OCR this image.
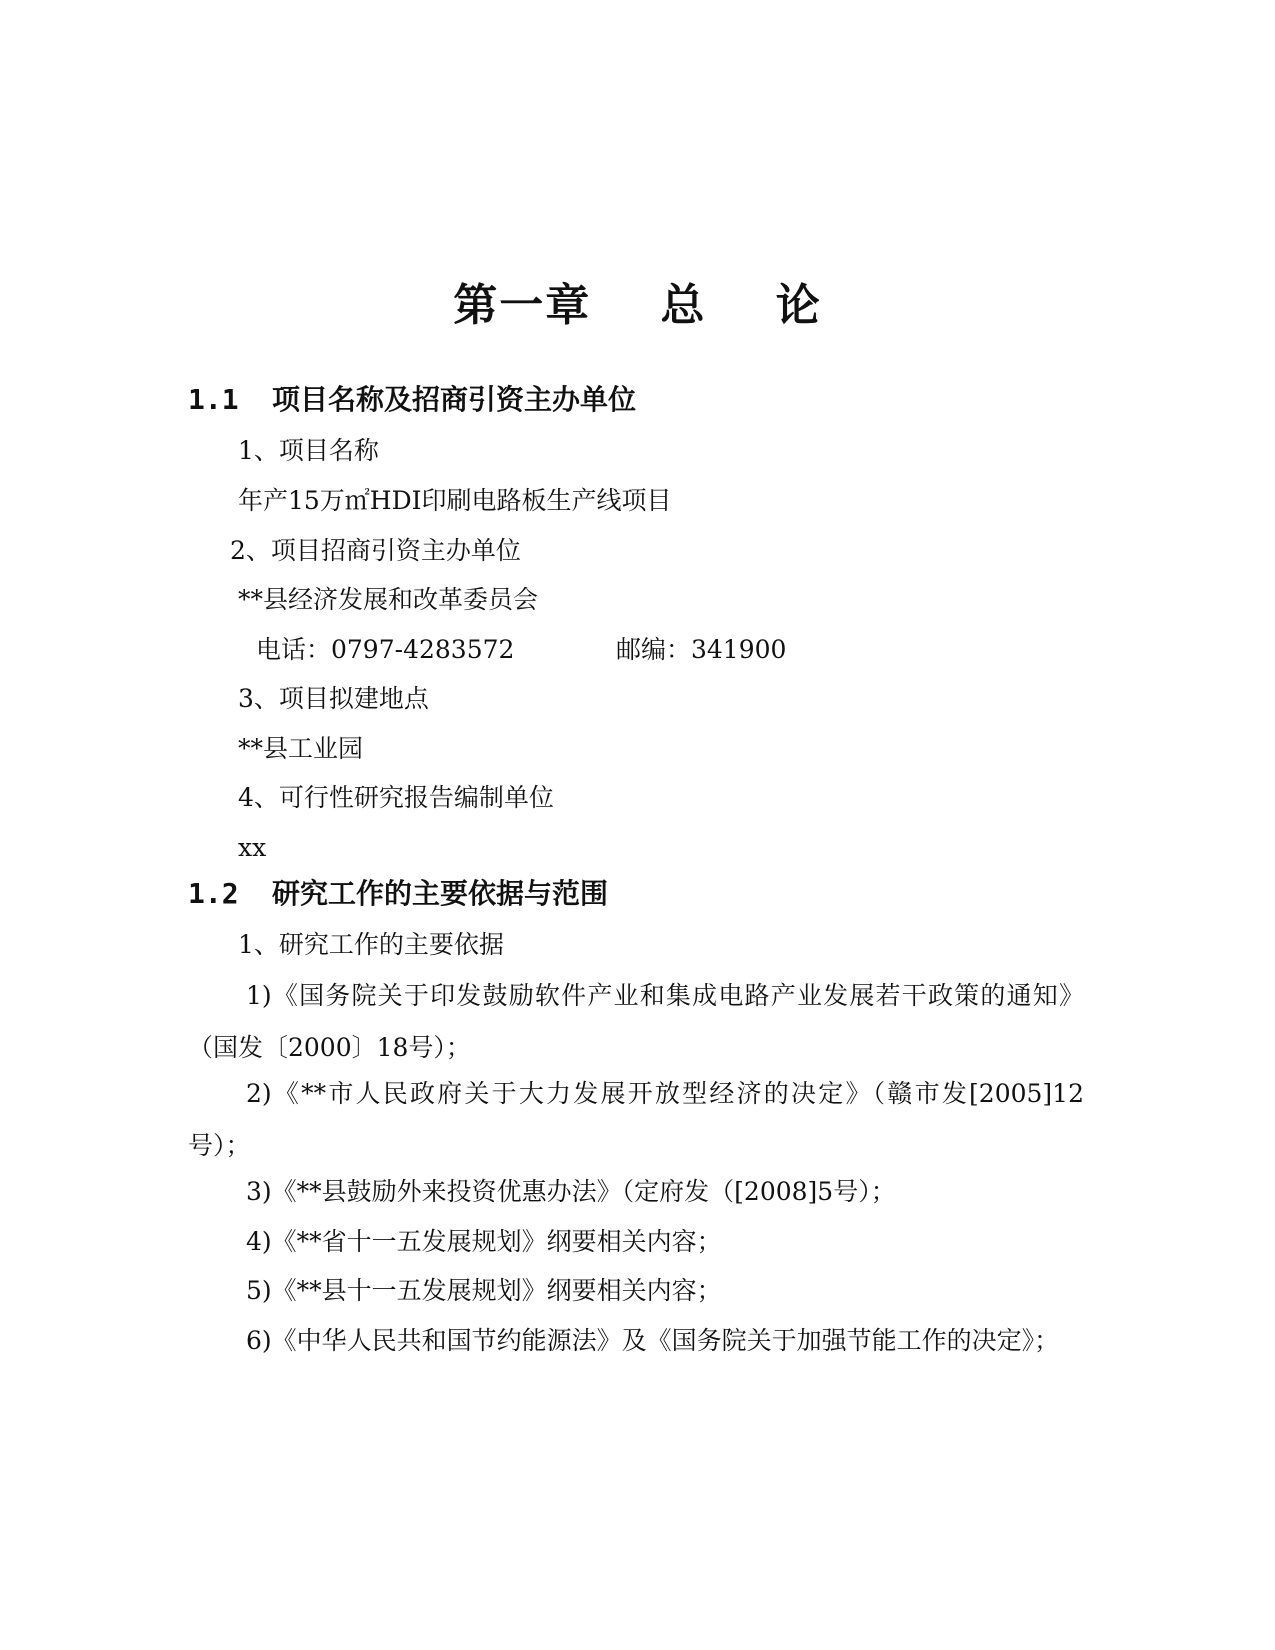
第一章    总    论
1.1 项目名称及招商引资主办单位
1、项目名称
年产15万㎡HDI印刷电路板生产线项目
2、项目招商引资主办单位
**县经济发展和改革委员会
电话：0797-4283572	邮编：341900
3、项目拟建地点
**县工业园
4、可行性研究报告编制单位
xx
1.2 研究工作的主要依据与范围
1、研究工作的主要依据
1)《国务院关于印发鼓励软件产业和集成电路产业发展若干政策的通知》（国发〔2000〕18号）；
2)《**市人民政府关于大力发展开放型经济的决定》（赣市发[2005]12号）；
3)《**县鼓励外来投资优惠办法》（定府发（[2008]5号）；
4)《**省十一五发展规划》纲要相关内容；
5)《**县十一五发展规划》纲要相关内容；
6)《中华人民共和国节约能源法》及《国务院关于加强节能工作的决定》；
